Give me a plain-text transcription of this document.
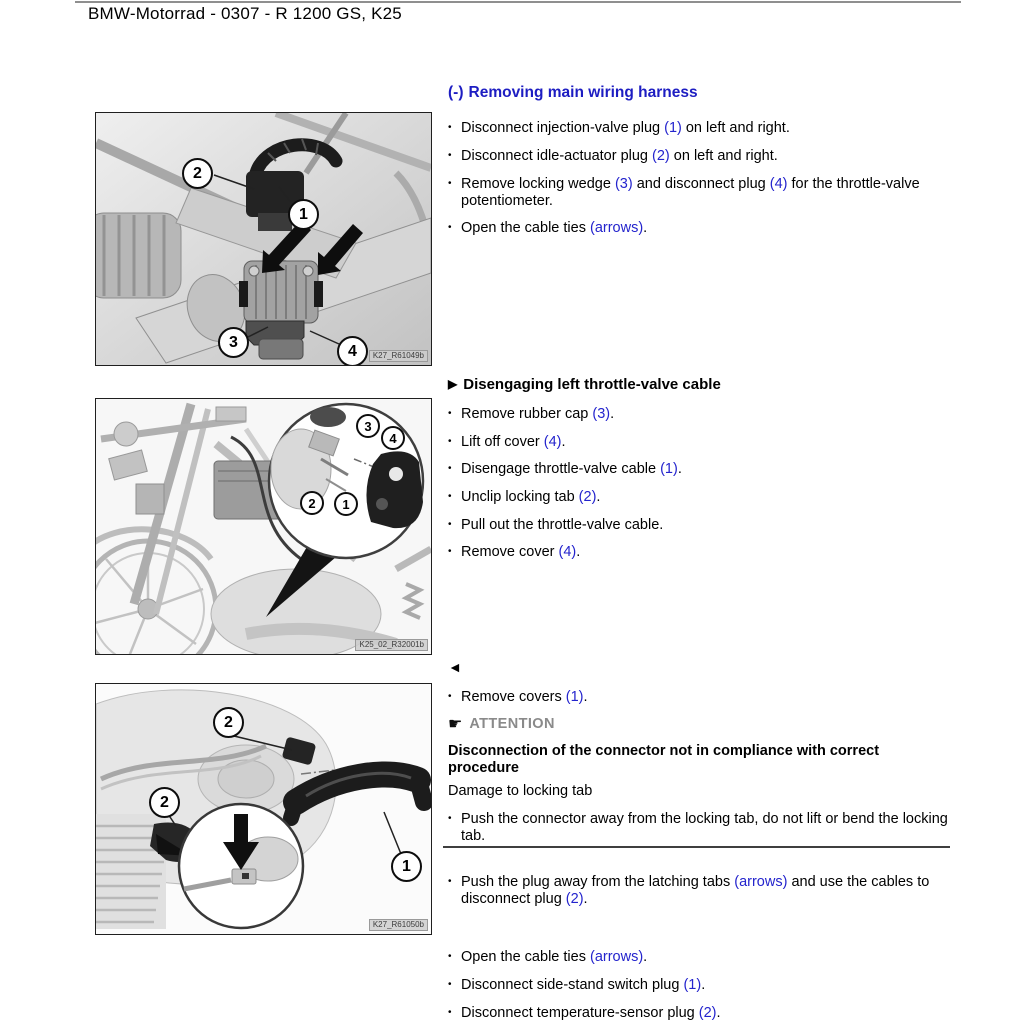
BMW-Motorrad - 0307 - R 1200 GS, K25
2
1
3
4	K27_R61049b
3
4
2	1
K25_02_R32001b
2
2
1
K27_R61050b
(-) Removing main wiring harness
• Disconnect injection-valve plug (1) on left and right.
• Disconnect idle-actuator plug (2) on left and right.
• Remove locking wedge (3) and disconnect plug (4) for the throttle-valve potentiometer.
• Open the cable ties (arrows).
▶ Disengaging left throttle-valve cable
• Remove rubber cap (3).
• Lift off cover (4).
• Disengage throttle-valve cable (1).
• Unclip locking tab (2).
• Pull out the throttle-valve cable.
• Remove cover (4).
◄
• Remove covers (1).
☛ ATTENTION
Disconnection of the connector not in compliance with correct procedure
Damage to locking tab
• Push the connector away from the locking tab, do not lift or bend the locking tab.
• Push the plug away from the latching tabs (arrows) and use the cables to disconnect plug (2).
• Open the cable ties (arrows).
• Disconnect side-stand switch plug (1).
• Disconnect temperature-sensor plug (2).
